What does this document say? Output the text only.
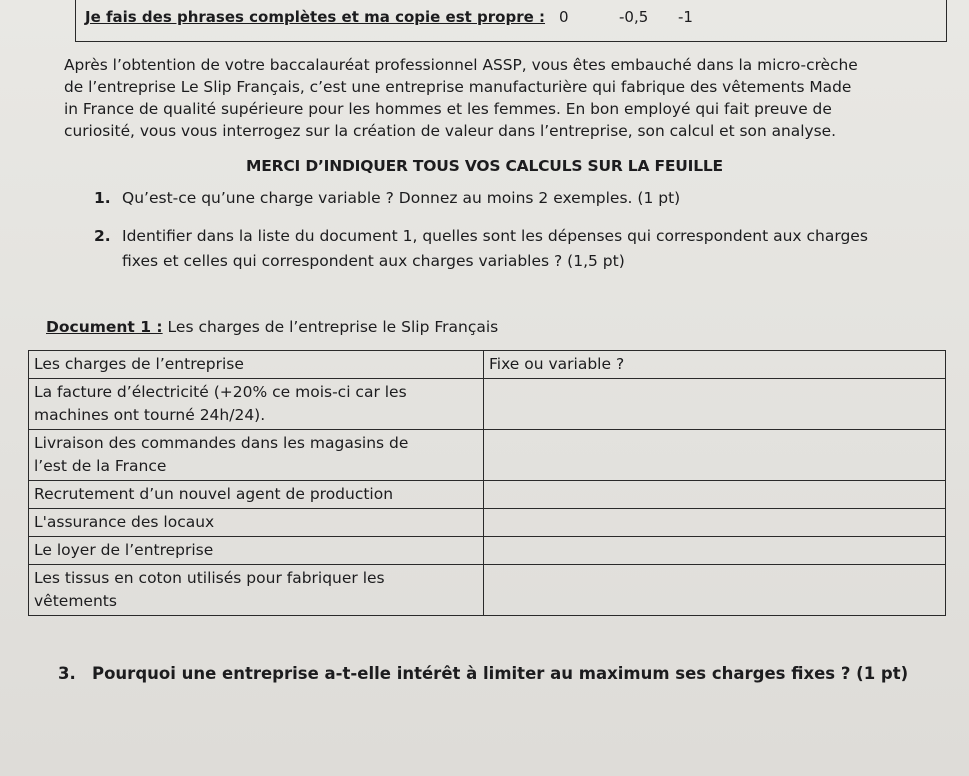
Je fais des phrases complètes et ma copie est propre : 0	-0,5 -1
Après l’obtention de votre baccalauréat professionnel ASSP, vous êtes embauché dans la micro-crèche
de l’entreprise Le Slip Français, c’est une entreprise manufacturière qui fabrique des vêtements Made
in France de qualité supérieure pour les hommes et les femmes. En bon employé qui fait preuve de
curiosité, vous vous interrogez sur la création de valeur dans l’entreprise, son calcul et son analyse.
MERCI D’INDIQUER TOUS VOS CALCULS SUR LA FEUILLE
1. Qu’est-ce qu’une charge variable ? Donnez au moins 2 exemples. (1 pt)
2. Identifier dans la liste du document 1, quelles sont les dépenses qui correspondent aux charges
fixes et celles qui correspondent aux charges variables ? (1,5 pt)
Document 1 : Les charges de l’entreprise le Slip Français
Les charges de l’entreprise	Fixe ou variable ?
La facture d’électricité (+20% ce mois-ci car les
machines ont tourné 24h/24).	
Livraison des commandes dans les magasins de
l’est de la France	
Recrutement d’un nouvel agent de production	
L'assurance des locaux	
Le loyer de l’entreprise	
Les tissus en coton utilisés pour fabriquer les
vêtements	
3. Pourquoi une entreprise a-t-elle intérêt à limiter au maximum ses charges fixes ? (1 pt)
